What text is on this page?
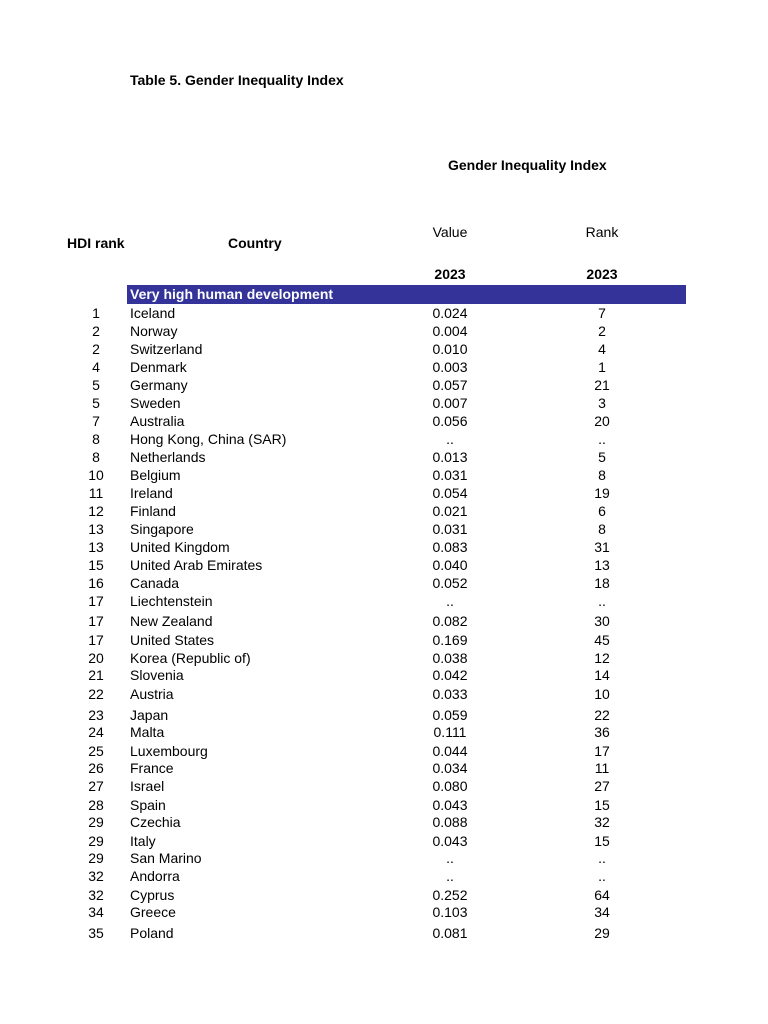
Table 5. Gender Inequality Index
Gender Inequality Index
HDI rank	Country
Value	Rank
2023	2023
Very high human development
1	Iceland	0.024	7
2	Norway	0.004	2
2	Switzerland	0.010	4
4	Denmark	0.003	1
5	Germany	0.057	21
5	Sweden	0.007	3
7	Australia	0.056	20
8	Hong Kong, China (SAR)	..	..
8	Netherlands	0.013	5
10	Belgium	0.031	8
11	Ireland	0.054	19
12	Finland	0.021	6
13	Singapore	0.031	8
13	United Kingdom	0.083	31
15	United Arab Emirates	0.040	13
16	Canada	0.052	18
17	Liechtenstein	..	..
17	New Zealand	0.082	30
17	United States	0.169	45
20	Korea (Republic of)	0.038	12
21	Slovenia	0.042	14
22	Austria	0.033	10
23	Japan	0.059	22
24	Malta	0.111	36
25	Luxembourg	0.044	17
26	France	0.034	11
27	Israel	0.080	27
28	Spain	0.043	15
29	Czechia	0.088	32
29	Italy	0.043	15
29	San Marino	..	..
32	Andorra	..	..
32	Cyprus	0.252	64
34	Greece	0.103	34
35	Poland	0.081	29
